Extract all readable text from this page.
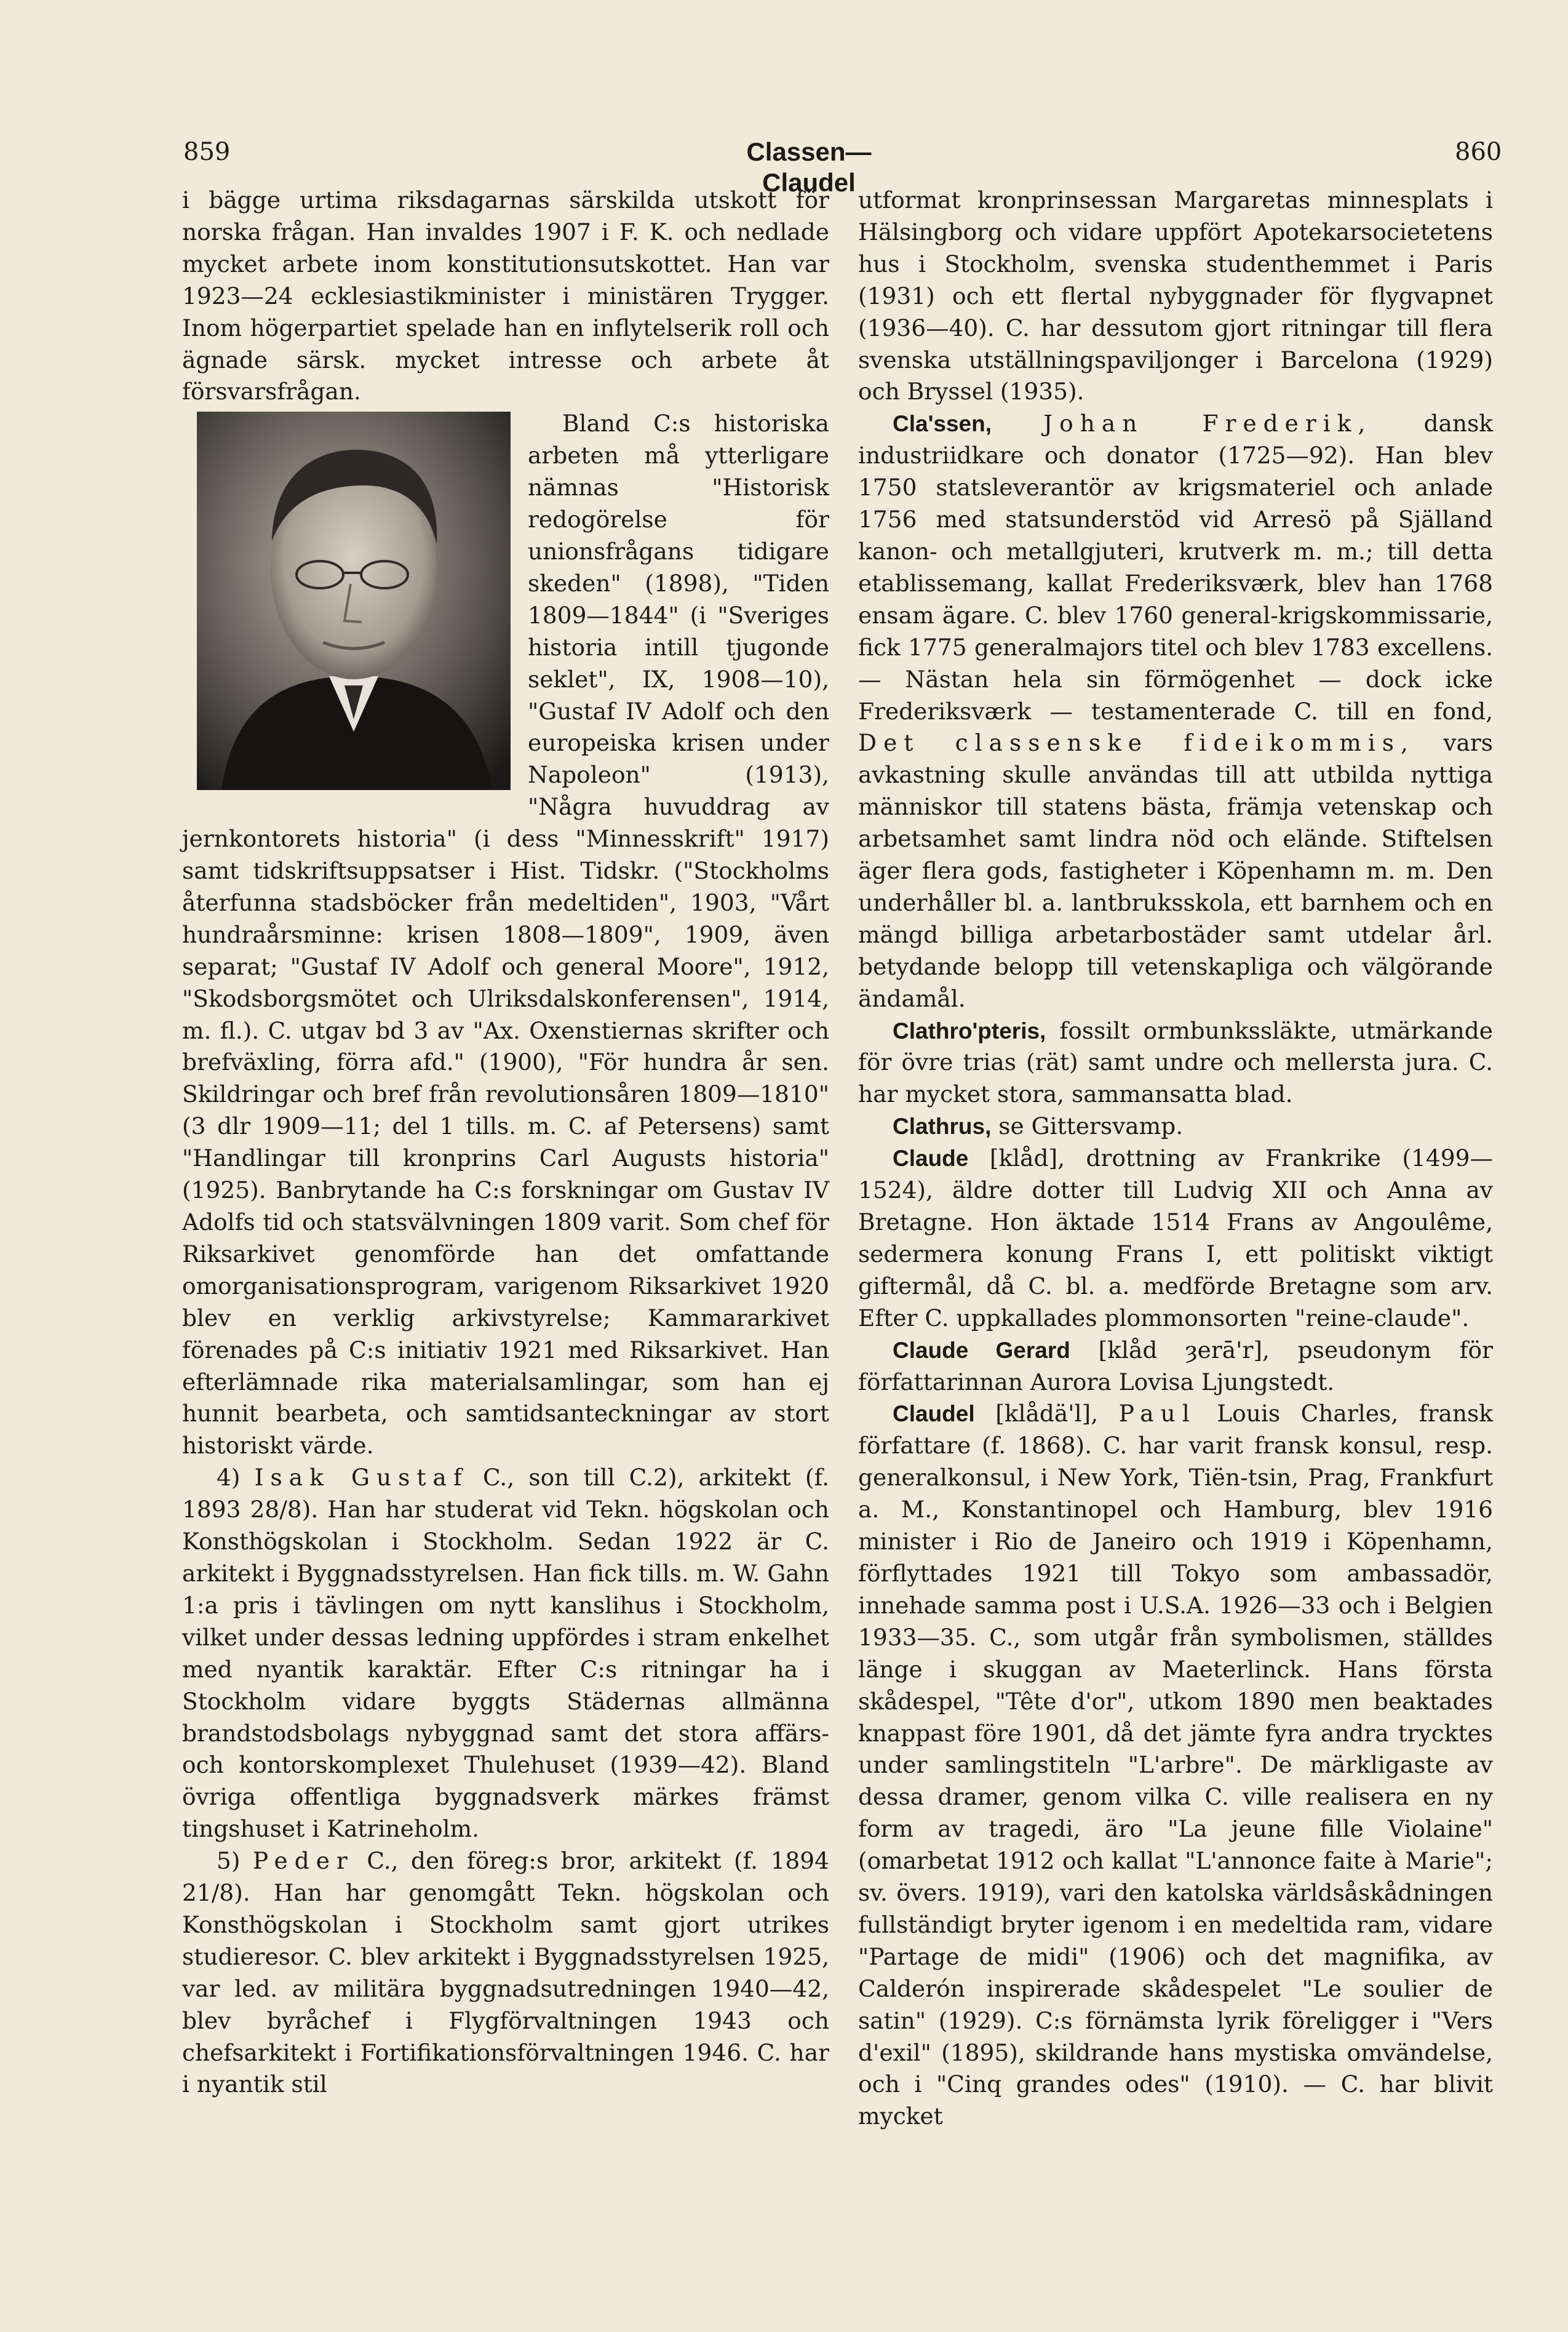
859	Classen—Claudel
860

i bägge urtima riksdagarnas särskilda utskott för norska frågan. Han invaldes 1907 i F. K. och nedlade mycket arbete inom konstitutionsutskottet. Han var 1923—24 ecklesiastikminister i ministären Trygger. Inom högerpartiet spelade han en inflytelserik roll och ägnade särsk. mycket intresse och arbete åt försvarsfrågan.

Bland C:s historiska arbeten må ytterligare nämnas "Historisk redogörelse för unionsfrågans tidigare skeden" (1898), "Tiden 1809—1844" (i "Sveriges historia intill tjugonde seklet", IX, 1908—10), "Gustaf IV Adolf och den europeiska krisen under Napoleon" (1913), "Några huvuddrag av jernkontorets historia" (i dess "Minnesskrift" 1917) samt tidskriftsuppsatser i Hist. Tidskr. ("Stockholms återfunna stadsböcker från medeltiden", 1903, "Vårt hundraårsminne: krisen 1808—1809", 1909, även separat; "Gustaf IV Adolf och general Moore", 1912, "Skodsborgsmötet och Ulriksdalskonferensen", 1914, m. fl.). C. utgav bd 3 av "Ax. Oxenstiernas skrifter och brefväxling, förra afd." (1900), "För hundra år sen. Skildringar och bref från revolutionsåren 1809—1810" (3 dlr 1909—11; del 1 tills. m. C. af Petersens) samt "Handlingar till kronprins Carl Augusts historia" (1925). Banbrytande ha C:s forskningar om Gustav IV Adolfs tid och statsvälvningen 1809 varit. Som chef för Riksarkivet genomförde han det omfattande omorganisationsprogram, varigenom Riksarkivet 1920 blev en verklig arkivstyrelse; Kammararkivet förenades på C:s initiativ 1921 med Riksarkivet. Han efterlämnade rika materialsamlingar, som han ej hunnit bearbeta, och samtidsanteckningar av stort historiskt värde.

4) Isak Gustaf C., son till C.2), arkitekt (f. 1893 28/8). Han har studerat vid Tekn. högskolan och Konsthögskolan i Stockholm. Sedan 1922 är C. arkitekt i Byggnadsstyrelsen. Han fick tills. m. W. Gahn 1:a pris i tävlingen om nytt kanslihus i Stockholm, vilket under dessas ledning uppfördes i stram enkelhet med nyantik karaktär. Efter C:s ritningar ha i Stockholm vidare byggts Städernas allmänna brandstodsbolags nybyggnad samt det stora affärs- och kontorskomplexet Thulehuset (1939—42). Bland övriga offentliga byggnadsverk märkes främst tingshuset i Katrineholm.

5) Peder C., den föreg:s bror, arkitekt (f. 1894 21/8). Han har genomgått Tekn. högskolan och Konsthögskolan i Stockholm samt gjort utrikes studieresor. C. blev arkitekt i Byggnadsstyrelsen 1925, var led. av militära byggnadsutredningen 1940—42, blev byråchef i Flygförvaltningen 1943 och chefsarkitekt i Fortifikationsförvaltningen 1946. C. har i nyantik stil

utformat kronprinsessan Margaretas minnesplats i Hälsingborg och vidare uppfört Apotekarsocietetens hus i Stockholm, svenska studenthemmet i Paris (1931) och ett flertal nybyggnader för flygvapnet (1936—40). C. har dessutom gjort ritningar till flera svenska utställningspaviljonger i Barcelona (1929) och Bryssel (1935).

Cla'ssen, Johan Frederik, dansk industriidkare och donator (1725—92). Han blev 1750 statsleverantör av krigsmateriel och anlade 1756 med statsunderstöd vid Arresö på Själland kanon- och metallgjuteri, krutverk m. m.; till detta etablissemang, kallat Frederiksværk, blev han 1768 ensam ägare. C. blev 1760 general-krigskommissarie, fick 1775 generalmajors titel och blev 1783 excellens. — Nästan hela sin förmögenhet — dock icke Frederiksværk — testamenterade C. till en fond, Det classenske fideikommis, vars avkastning skulle användas till att utbilda nyttiga människor till statens bästa, främja vetenskap och arbetsamhet samt lindra nöd och elände. Stiftelsen äger flera gods, fastigheter i Köpenhamn m. m. Den underhåller bl. a. lantbruksskola, ett barnhem och en mängd billiga arbetarbostäder samt utdelar årl. betydande belopp till vetenskapliga och välgörande ändamål.

Clathro'pteris, fossilt ormbunkssläkte, utmärkande för övre trias (rät) samt undre och mellersta jura. C. har mycket stora, sammansatta blad.

Clathrus, se Gittersvamp.

Claude [klåd], drottning av Frankrike (1499—1524), äldre dotter till Ludvig XII och Anna av Bretagne. Hon äktade 1514 Frans av Angoulême, sedermera konung Frans I, ett politiskt viktigt giftermål, då C. bl. a. medförde Bretagne som arv. Efter C. uppkallades plommonsorten "reine-claude".

Claude Gerard [klåd ȝerā'r], pseudonym för författarinnan Aurora Lovisa Ljungstedt.

Claudel [klådä'l], Paul Louis Charles, fransk författare (f. 1868). C. har varit fransk konsul, resp. generalkonsul, i New York, Tiën-tsin, Prag, Frankfurt a. M., Konstantinopel och Hamburg, blev 1916 minister i Rio de Janeiro och 1919 i Köpenhamn, förflyttades 1921 till Tokyo som ambassadör, innehade samma post i U.S.A. 1926—33 och i Belgien 1933—35. C., som utgår från symbolismen, ställdes länge i skuggan av Maeterlinck. Hans första skådespel, "Tête d'or", utkom 1890 men beaktades knappast före 1901, då det jämte fyra andra trycktes under samlingstiteln "L'arbre". De märkligaste av dessa dramer, genom vilka C. ville realisera en ny form av tragedi, äro "La jeune fille Violaine" (omarbetat 1912 och kallat "L'annonce faite à Marie"; sv. övers. 1919), vari den katolska världsåskådningen fullständigt bryter igenom i en medeltida ram, vidare "Partage de midi" (1906) och det magnifika, av Calderón inspirerade skådespelet "Le soulier de satin" (1929). C:s förnämsta lyrik föreligger i "Vers d'exil" (1895), skildrande hans mystiska omvändelse, och i "Cinq grandes odes" (1910). — C. har blivit mycket
